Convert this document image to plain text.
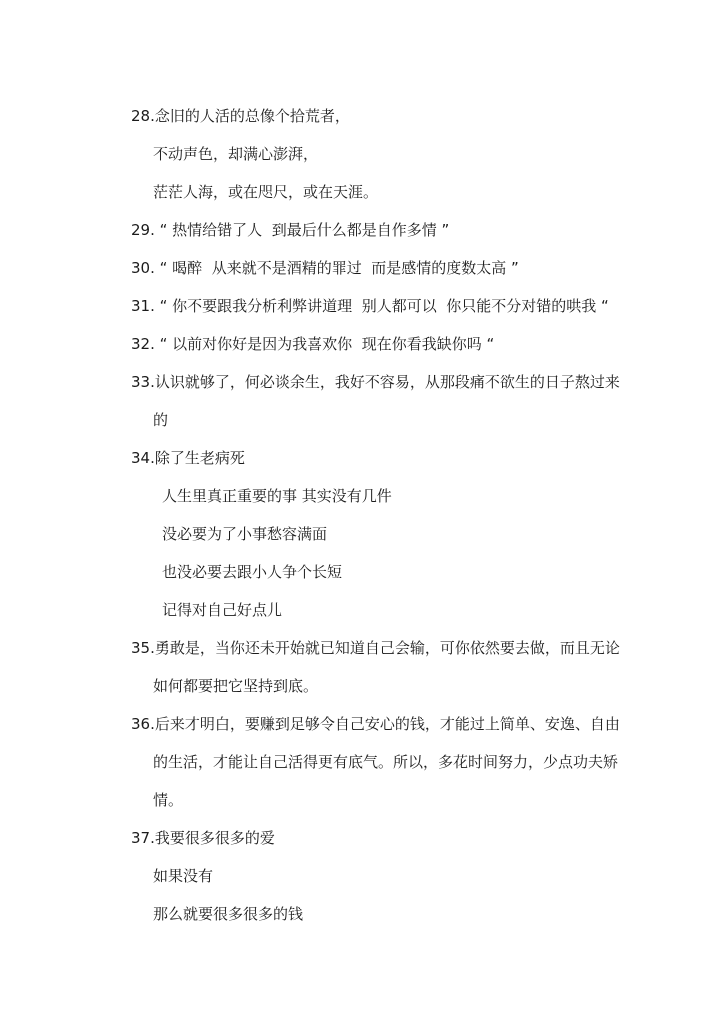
28.念旧的人活的总像个拾荒者，
不动声色，却满心澎湃，
茫茫人海，或在咫尺，或在天涯。
29. “ 热情给错了人  到最后什么都是自作多情 ”
30. “ 喝醉  从来就不是酒精的罪过  而是感情的度数太高 ”
31. “ 你不要跟我分析利弊讲道理  别人都可以  你只能不分对错的哄我 “
32. “ 以前对你好是因为我喜欢你  现在你看我缺你吗 “
33.认识就够了，何必谈余生，我好不容易，从那段痛不欲生的日子熬过来
的
34.除了生老病死
人生里真正重要的事 其实没有几件
没必要为了小事愁容满面
也没必要去跟小人争个长短
记得对自己好点儿
35.勇敢是，当你还未开始就已知道自己会输，可你依然要去做，而且无论
如何都要把它坚持到底。
36.后来才明白，要赚到足够令自己安心的钱，才能过上简单、安逸、自由
的生活，才能让自己活得更有底气。所以，多花时间努力，少点功夫矫
情。
37.我要很多很多的爱
如果没有
那么就要很多很多的钱
